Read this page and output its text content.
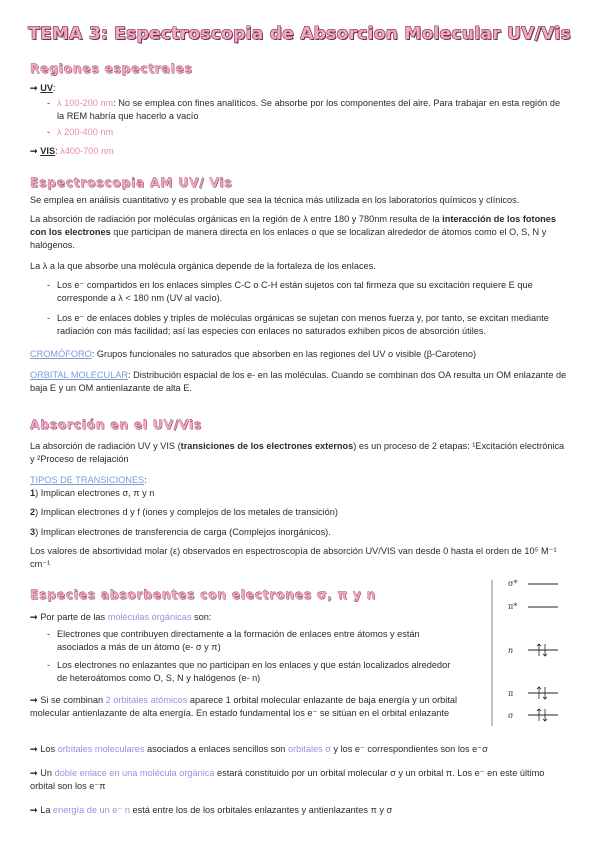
TEMA 3: Espectroscopia de Absorcion Molecular UV/Vis
Regiones espectrales
➞ UV:
- λ 100-200 nm: No se emplea con fines analíticos. Se absorbe por los componentes del aire. Para trabajar en esta región de la REM habría que hacerlo a vacío
- λ 200-400 nm
➞ VIS: λ400-700 nm
Espectroscopia AM UV/ Vis
Se emplea en análisis cuantitativo y es probable que sea la técnica más utilizada en los laboratorios químicos y clínicos.
La absorción de radiación por moléculas orgánicas en la región de λ entre 180 y 780nm resulta de la interacción de los fotones con los electrones que participan de manera directa en los enlaces o que se localizan alrededor de átomos como el O, S, N y halógenos.
La λ a la que absorbe una molécula orgánica depende de la fortaleza de los enlaces.
- Los e⁻ compartidos en los enlaces simples C-C o C-H están sujetos con tal firmeza que su excitación requiere E que corresponde a λ < 180 nm (UV al vacío).
- Los e⁻ de enlaces dobles y triples de moléculas orgánicas se sujetan con menos fuerza y, por tanto, se excitan mediante radiación con más facilidad; así las especies con enlaces no saturados exhiben picos de absorción útiles.
CROMÓFORO: Grupos funcionales no saturados que absorben en las regiones del UV o visible (β-Caroteno)
ORBITAL MOLECULAR: Distribución espacial de los e- en las moléculas. Cuando se combinan dos OA resulta un OM enlazante de baja E y un OM antienlazante de alta E.
Absorción en el UV/Vis
La absorción de radiación UV y VIS (transiciones de los electrones externos) es un proceso de 2 etapas: ¹Excitación electrónica y ²Proceso de relajación
TIPOS DE TRANSICIONES:
1) Implican electrones σ, π y n
2) Implican electrones d y f (iones y complejos de los metales de transición)
3) Implican electrones de transferencia de carga (Complejos inorgánicos).
Los valores de absortividad molar (ε) observados en espectroscopía de absorción UV/VIS van desde 0 hasta el orden de 10⁵ M⁻¹ cm⁻¹
Especies absorbentes con electrones σ, π y n
➞ Por parte de las moléculas orgánicas son:
- Electrones que contribuyen directamente a la formación de enlaces entre átomos y están asociados a más de un átomo (e- σ y π)
- Los electrones no enlazantes que no participan en los enlaces y que están localizados alrededor de heteroátomos como O, S, N y halógenos (e- n)
➞ Si se combinan 2 orbitales atómicos aparece 1 orbital molecular enlazante de baja energía y un orbital molecular antienlazante de alta energía. En estado fundamental los e⁻ se sitúan en el orbital enlazante
➞ Los orbitales moleculares asociados a enlaces sencillos son orbitales σ y los e⁻ correspondientes son los e⁻σ
➞ Un doble enlace en una molécula orgánica estará constituido por un orbital molecular σ y un orbital π. Los e⁻ en este último orbital son los e⁻π
➞ La energía de un e⁻ n está entre los de los orbitales enlazantes y antienlazantes π y σ
σ*
π*
n
π
σ
